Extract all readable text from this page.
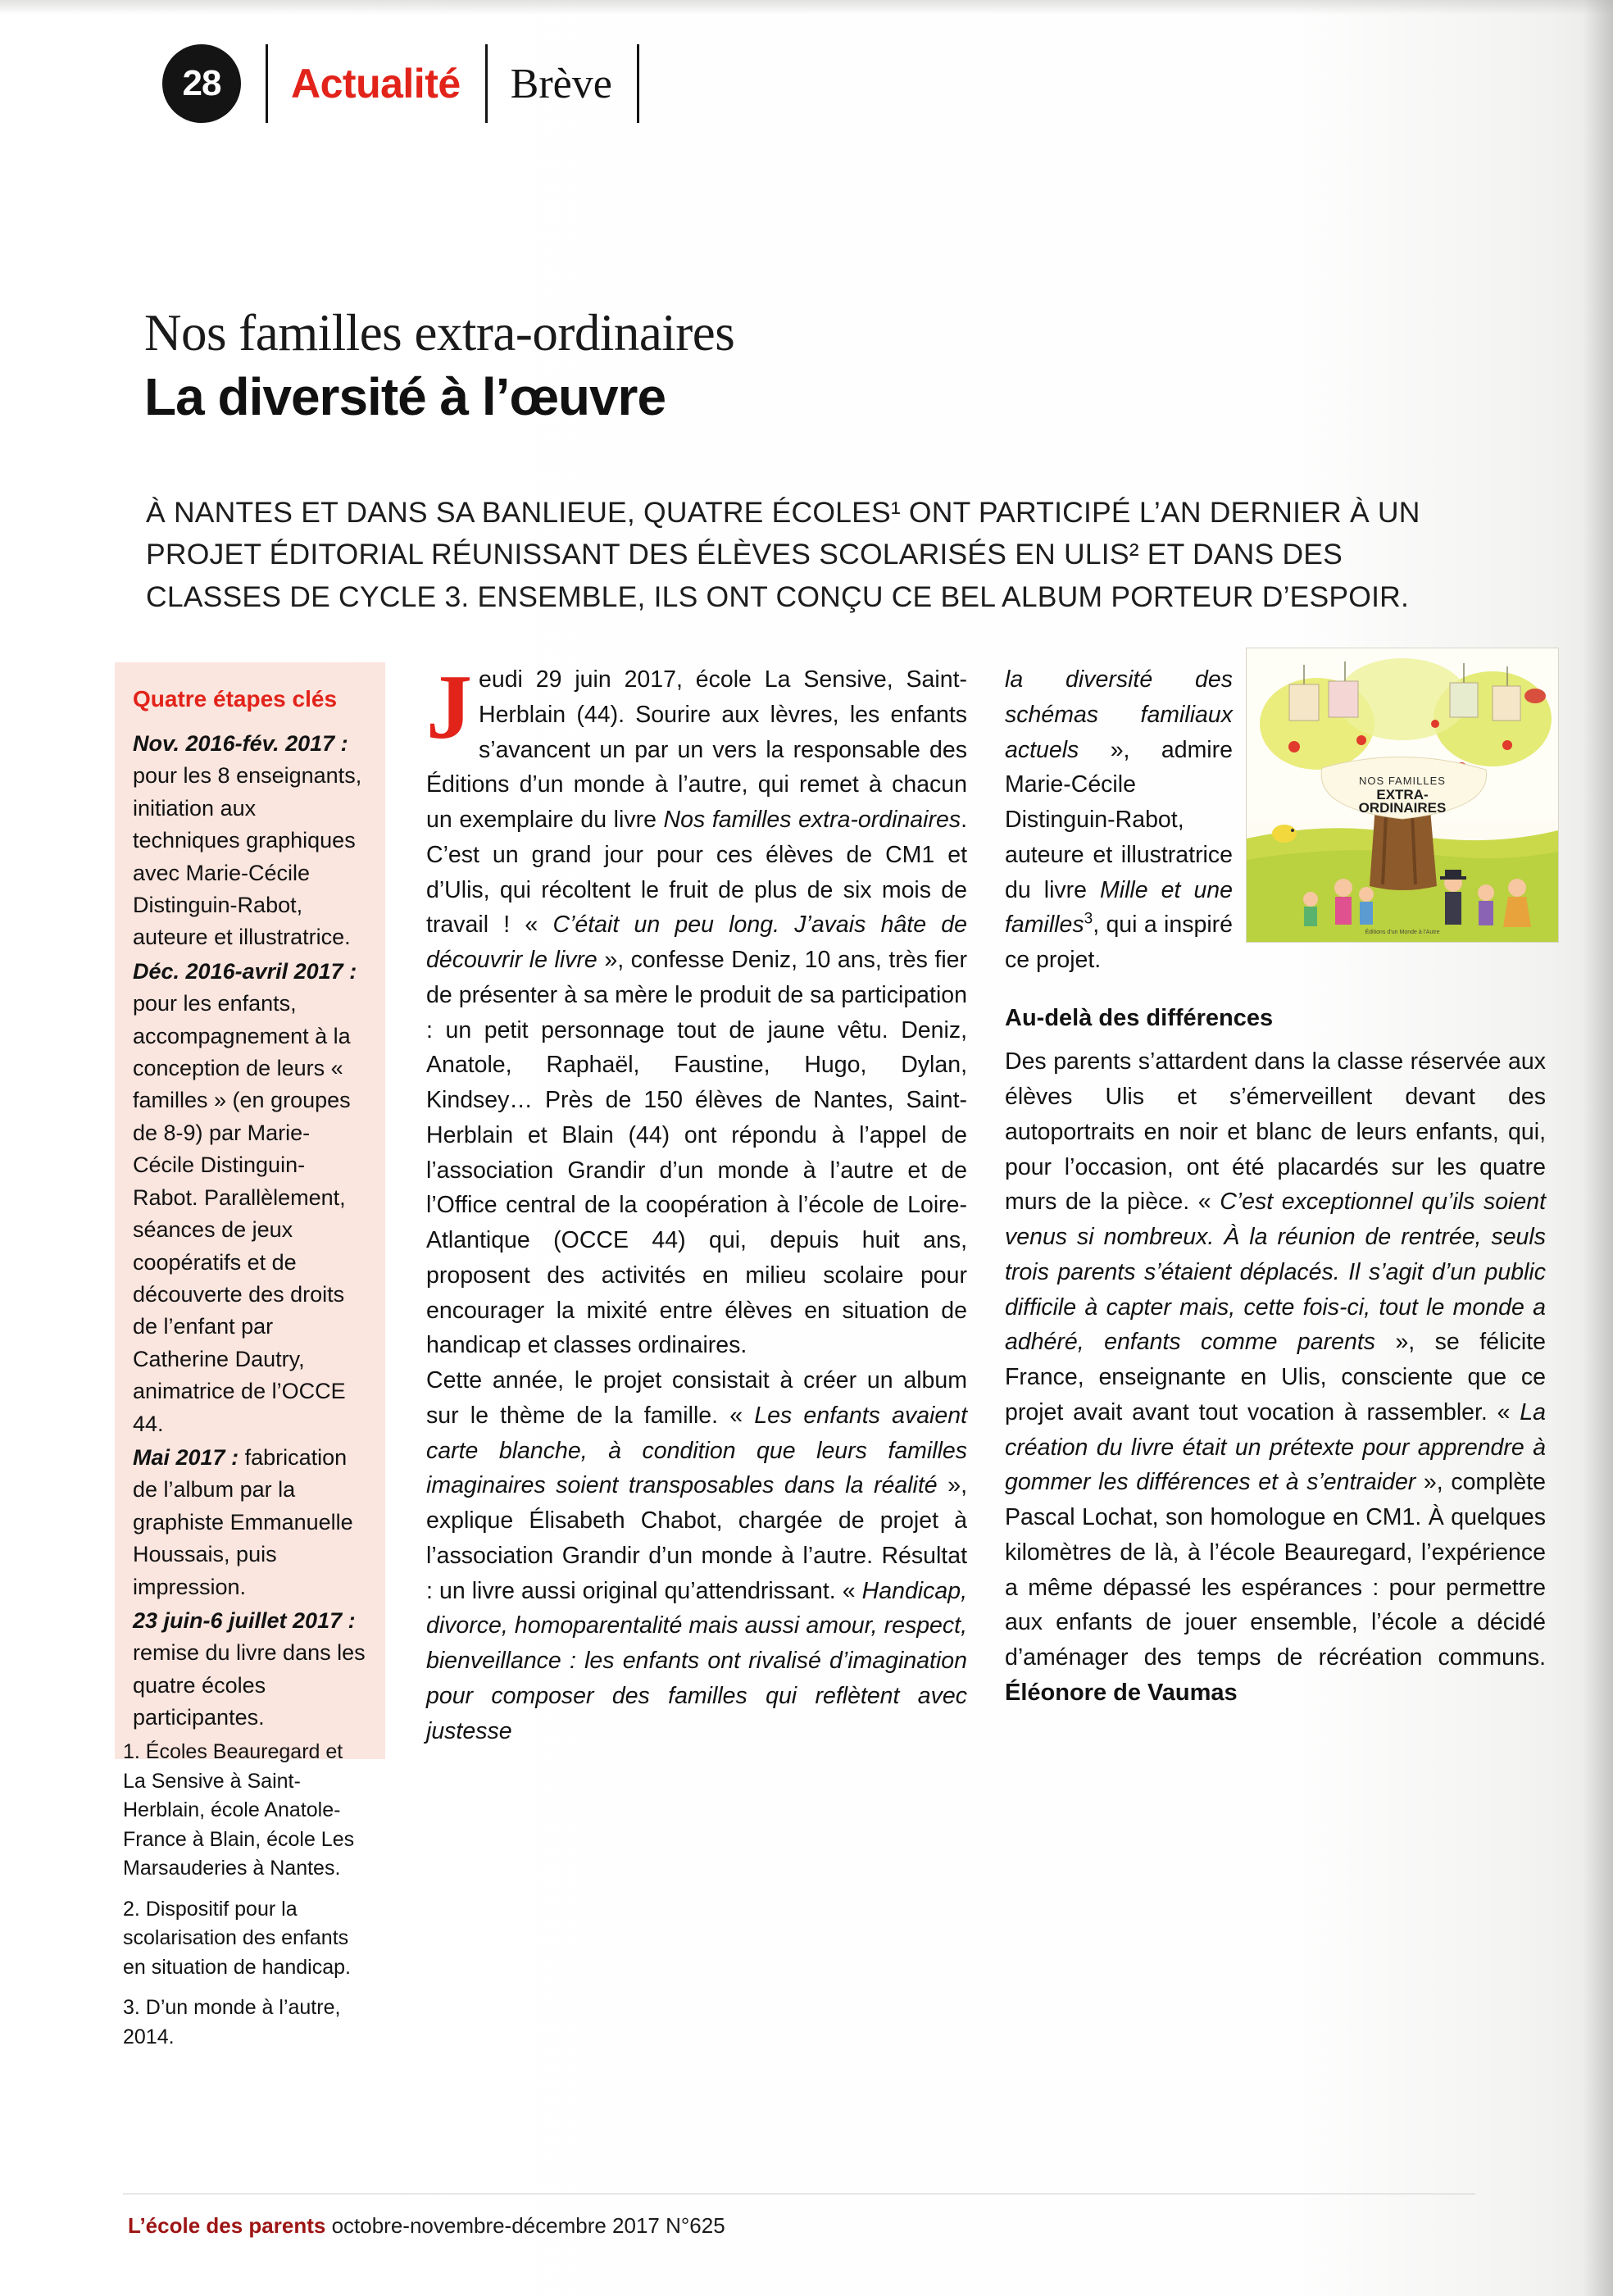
28	Actualité Brève
Nos familles extra-ordinaires
La diversité à l’œuvre
À NANTES ET DANS SA BANLIEUE, QUATRE ÉCOLES¹ ONT PARTICIPÉ L’AN DERNIER À UN PROJET ÉDITORIAL RÉUNISSANT DES ÉLÈVES SCOLARISÉS EN ULIS² ET DANS DES CLASSES DE CYCLE 3. ENSEMBLE, ILS ONT CONÇU CE BEL ALBUM PORTEUR D’ESPOIR.
Quatre étapes clés

Nov. 2016-fév. 2017 : pour les 8 enseignants, initiation aux techniques graphiques avec Marie-Cécile Distinguin-Rabot, auteure et illustratrice.

Déc. 2016-avril 2017 : pour les enfants, accompagnement à la conception de leurs « familles » (en groupes de 8-9) par Marie-Cécile Distinguin-Rabot. Parallèlement, séances de jeux coopératifs et de découverte des droits de l’enfant par Catherine Dautry, animatrice de l’OCCE 44.

Mai 2017 : fabrication de l’album par la graphiste Emmanuelle Houssais, puis impression.

23 juin-6 juillet 2017 : remise du livre dans les quatre écoles participantes.

1. Écoles Beauregard et La Sensive à Saint-Herblain, école Anatole-France à Blain, école Les Marsauderies à Nantes.

2. Dispositif pour la scolarisation des enfants en situation de handicap.

3. D’un monde à l’autre, 2014.

Jeudi 29 juin 2017, école La Sensive, Saint-Herblain (44). Sourire aux lèvres, les enfants s’avancent un par un vers la responsable des Éditions d’un monde à l’autre, qui remet à chacun un exemplaire du livre Nos familles extra-ordinaires. C’est un grand jour pour ces élèves de CM1 et d’Ulis, qui récoltent le fruit de plus de six mois de travail ! « C’était un peu long. J’avais hâte de découvrir le livre », confesse Deniz, 10 ans, très fier de présenter à sa mère le produit de sa participation : un petit personnage tout de jaune vêtu. Deniz, Anatole, Raphaël, Faustine, Hugo, Dylan, Kindsey… Près de 150 élèves de Nantes, Saint-Herblain et Blain (44) ont répondu à l’appel de l’association Grandir d’un monde à l’autre et de l’Office central de la coopération à l’école de Loire-Atlantique (OCCE 44) qui, depuis huit ans, proposent des activités en milieu scolaire pour encourager la mixité entre élèves en situation de handicap et classes ordinaires.

Cette année, le projet consistait à créer un album sur le thème de la famille. « Les enfants avaient carte blanche, à condition que leurs familles imaginaires soient transposables dans la réalité », explique Élisabeth Chabot, chargée de projet à l’association Grandir d’un monde à l’autre. Résultat : un livre aussi original qu’attendrissant. « Handicap, divorce, homoparentalité mais aussi amour, respect, bienveillance : les enfants ont rivalisé d’imagination pour composer des familles qui reflètent avec justesse

la diversité des schémas familiaux actuels », admire Marie-Cécile Distinguin-Rabot, auteure et illustratrice du livre Mille et une familles$^3$, qui a inspiré ce projet.

Au-delà des différences

Des parents s’attardent dans la classe réservée aux élèves Ulis et s’émerveillent devant des autoportraits en noir et blanc de leurs enfants, qui, pour l’occasion, ont été placardés sur les quatre murs de la pièce. « C’est exceptionnel qu’ils soient venus si nombreux. À la réunion de rentrée, seuls trois parents s’étaient déplacés. Il s’agit d’un public difficile à capter mais, cette fois-ci, tout le monde a adhéré, enfants comme parents », se félicite France, enseignante en Ulis, consciente que ce projet avait avant tout vocation à rassembler. « La création du livre était un prétexte pour apprendre à gommer les différences et à s’entraider », complète Pascal Lochat, son homologue en CM1. À quelques kilomètres de là, à l’école Beauregard, l’expérience a même dépassé les espérances : pour permettre aux enfants de jouer ensemble, l’école a décidé d’aménager des temps de récréation communs. Éléonore de Vaumas

NOS FAMILLES
EXTRA-
ORDINAIRES
Éditions d’un Monde à l’Autre
L’école des parents octobre-novembre-décembre 2017 N°625
